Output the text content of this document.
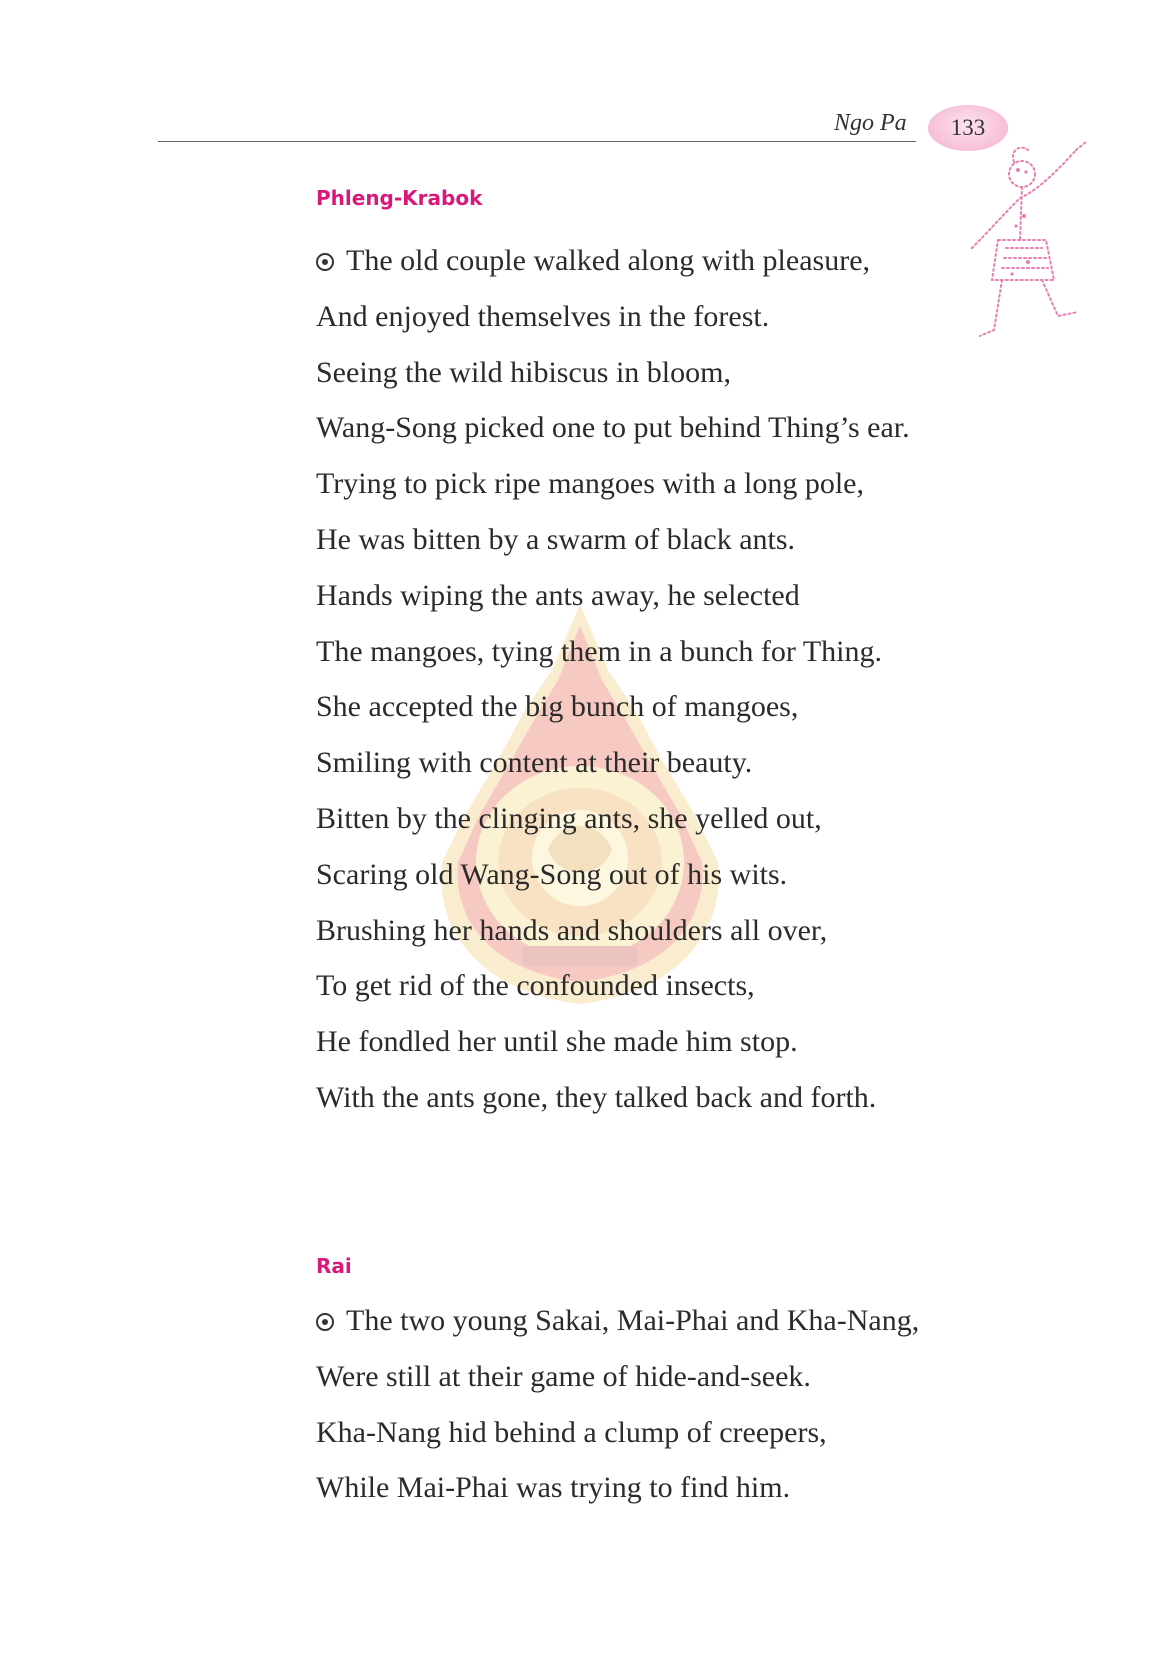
Ngo Pa 133
Phleng-Krabok
The old couple walked along with pleasure,
And enjoyed themselves in the forest.
Seeing the wild hibiscus in bloom,
Wang-Song picked one to put behind Thing’s ear.
Trying to pick ripe mangoes with a long pole,
He was bitten by a swarm of black ants.
Hands wiping the ants away, he selected
The mangoes, tying them in a bunch for Thing.
She accepted the big bunch of mangoes,
Smiling with content at their beauty.
Bitten by the clinging ants, she yelled out,
Scaring old Wang-Song out of his wits.
Brushing her hands and shoulders all over,
To get rid of the confounded insects,
He fondled her until she made him stop.
With the ants gone, they talked back and forth.
Rai
The two young Sakai, Mai-Phai and Kha-Nang,
Were still at their game of hide-and-seek.
Kha-Nang hid behind a clump of creepers,
While Mai-Phai was trying to find him.
